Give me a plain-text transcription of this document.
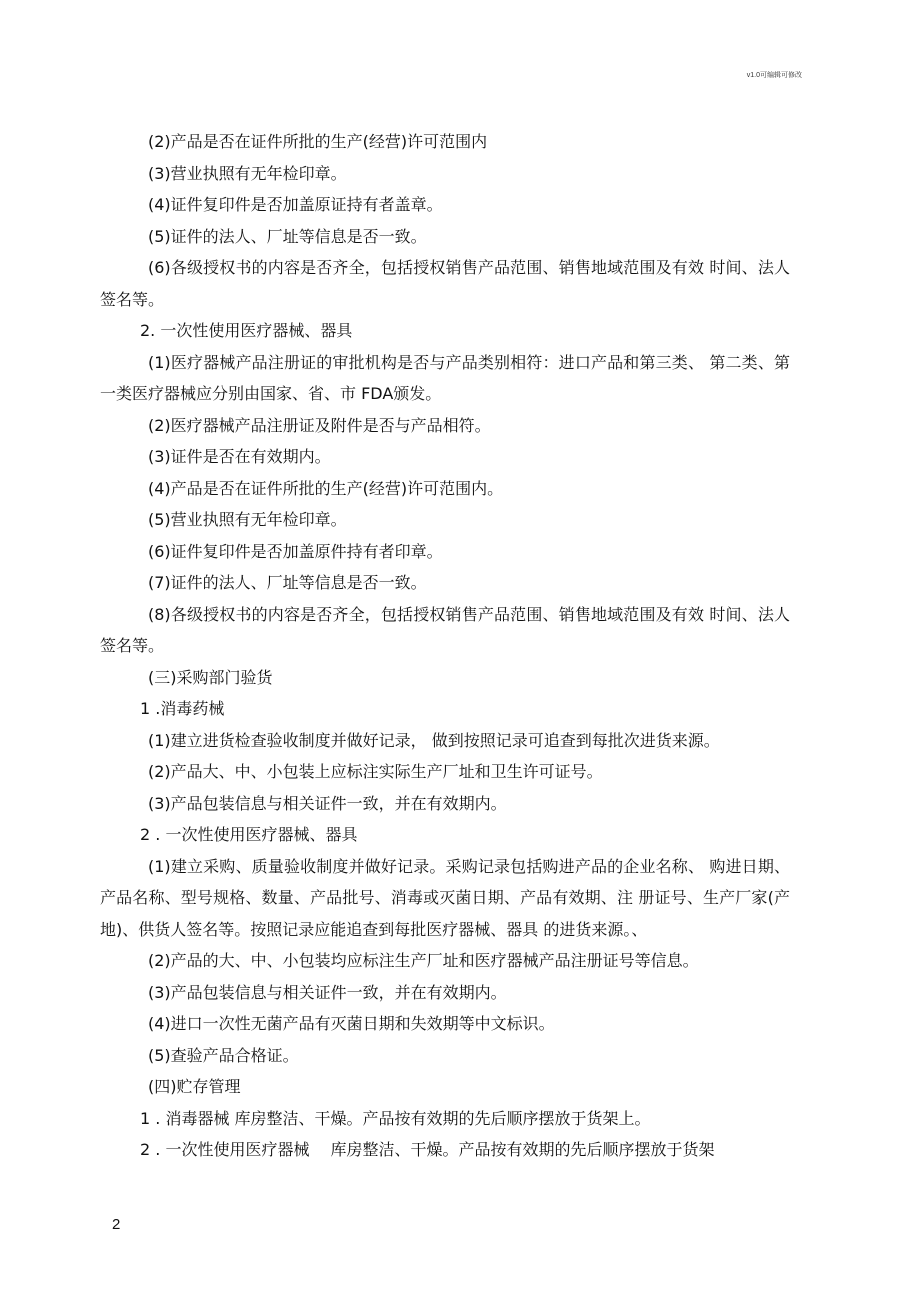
v1.0可编辑可修改

(2)产品是否在证件所批的生产(经营)许可范围内

(3)营业执照有无年检印章。

(4)证件复印件是否加盖原证持有者盖章。

(5)证件的法人、厂址等信息是否一致。

(6)各级授权书的内容是否齐全，包括授权销售产品范围、销售地域范围及有效 时间、法人签名等。

2. 一次性使用医疗器械、器具

(1)医疗器械产品注册证的审批机构是否与产品类别相符：进口产品和第三类、 第二类、第一类医疗器械应分别由国家、省、市 FDA颁发。

(2)医疗器械产品注册证及附件是否与产品相符。

(3)证件是否在有效期内。

(4)产品是否在证件所批的生产(经营)许可范围内。

(5)营业执照有无年检印章。

(6)证件复印件是否加盖原件持有者印章。

(7)证件的法人、厂址等信息是否一致。

(8)各级授权书的内容是否齐全，包括授权销售产品范围、销售地域范围及有效 时间、法人签名等。

(三)采购部门验货

1 .消毒药械

(1)建立进货检查验收制度并做好记录， 做到按照记录可追查到每批次进货来源。

(2)产品大、中、小包装上应标注实际生产厂址和卫生许可证号。

(3)产品包装信息与相关证件一致，并在有效期内。

2 . 一次性使用医疗器械、器具

(1)建立采购、质量验收制度并做好记录。采购记录包括购进产品的企业名称、 购进日期、产品名称、型号规格、数量、产品批号、消毒或灭菌日期、产品有效期、注 册证号、生产厂家(产地)、供货人签名等。按照记录应能追查到每批医疗器械、器具 的进货来源。、

(2)产品的大、中、小包装均应标注生产厂址和医疗器械产品注册证号等信息。

(3)产品包装信息与相关证件一致，并在有效期内。

(4)进口一次性无菌产品有灭菌日期和失效期等中文标识。

(5)查验产品合格证。

(四)贮存管理

1 . 消毒器械 库房整洁、干燥。产品按有效期的先后顺序摆放于货架上。

2 . 一次性使用医疗器械　 库房整洁、干燥。产品按有效期的先后顺序摆放于货架

2
